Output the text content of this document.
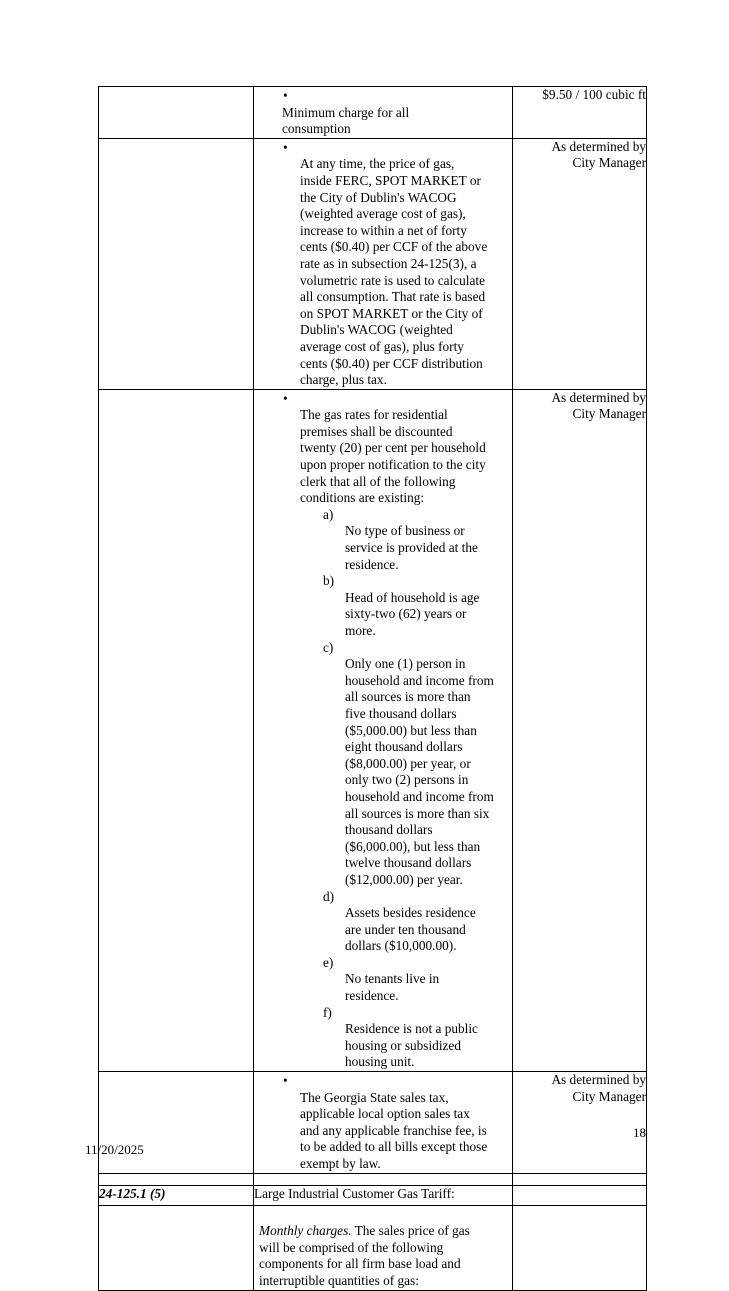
	•
Minimum charge for all
consumption	$9.50 / 100 cubic ft

•
At any time, the price of gas,
inside FERC, SPOT MARKET or
the City of Dublin's WACOG
(weighted average cost of gas),
increase to within a net of forty
cents ($0.40) per CCF of the above
rate as in subsection 24-125(3), a
volumetric rate is used to calculate
all consumption. That rate is based
on SPOT MARKET or the City of
Dublin's WACOG (weighted
average cost of gas), plus forty
cents ($0.40) per CCF distribution
charge, plus tax.

	As determined by
City Manager

•
The gas rates for residential
premises shall be discounted
twenty (20) per cent per household
upon proper notification to the city
clerk that all of the following
conditions are existing:

a)
No type of business or
service is provided at the
residence.

b)
Head of household is age
sixty-two (62) years or
more.

c)
Only one (1) person in
household and income from
all sources is more than
five thousand dollars
($5,000.00) but less than
eight thousand dollars
($8,000.00) per year, or
only two (2) persons in
household and income from
all sources is more than six
thousand dollars
($6,000.00), but less than
twelve thousand dollars
($12,000.00) per year.

d)
Assets besides residence
are under ten thousand
dollars ($10,000.00).

e)
No tenants live in
residence.

f)
Residence is not a public
housing or subsidized
housing unit.

	As determined by
City Manager

•
The Georgia State sales tax,
applicable local option sales tax
and any applicable franchise fee, is
to be added to all bills except those
exempt by law.

	As determined by
City Manager

24-125.1 (5)	Large Industrial Customer Gas Tariff:	

Monthly charges. The sales price of gas
will be comprised of the following
components for all firm base load and
interruptible quantities of gas:	

18
11/20/2025
